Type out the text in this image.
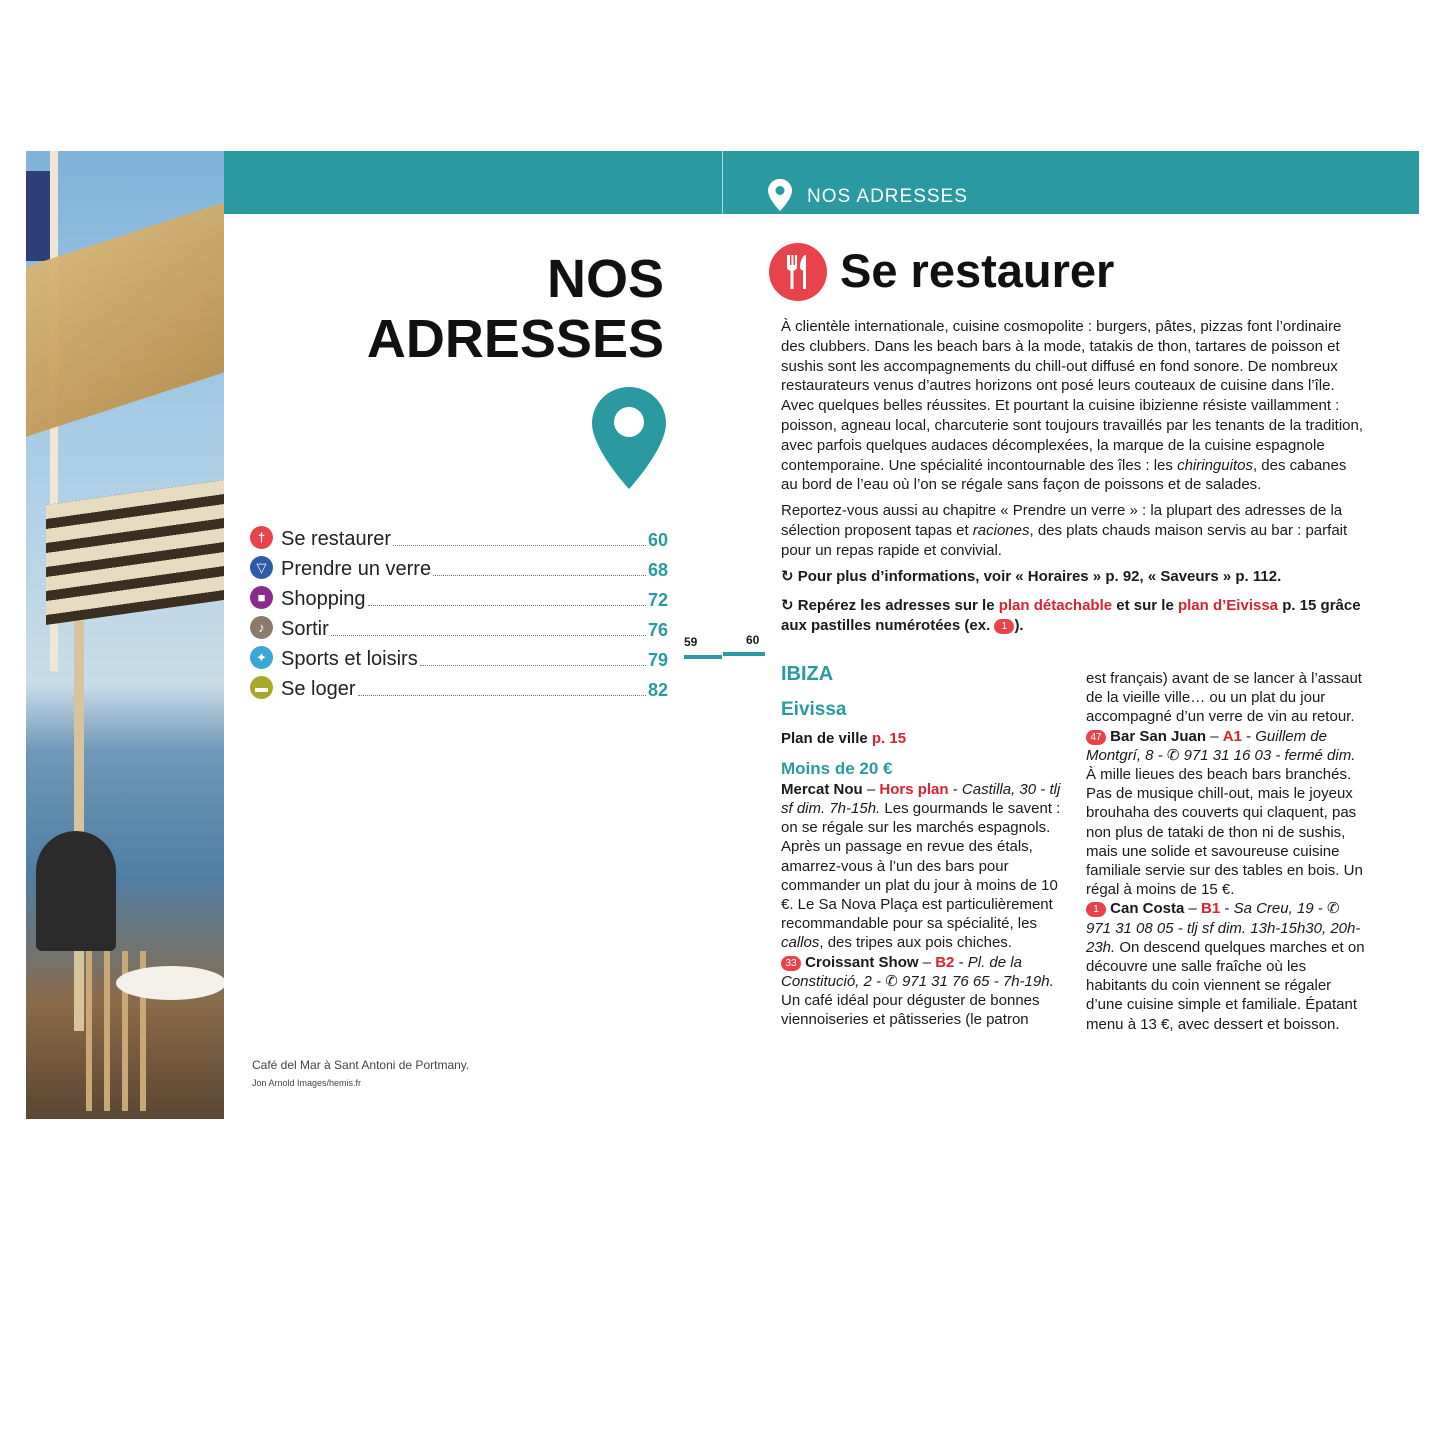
NOS ADRESSES
NOS
ADRESSES
† Se restaurer	60
▽ Prendre un verre	68
■ Shopping	72
♪ Sortir	76
✦ Sports et loisirs	79
▬ Se loger	82
Café del Mar à Sant Antoni de Portmany.
Jon Arnold Images/hemis.fr
59	60
Se restaurer

À clientèle internationale, cuisine cosmopolite : burgers, pâtes, pizzas font l’ordinaire des clubbers. Dans les beach bars à la mode, tatakis de thon, tartares de poisson et sushis sont les accompagnements du chill-out diffusé en fond sonore. De nombreux restaurateurs venus d’autres horizons ont posé leurs couteaux de cuisine dans l’île. Avec quelques belles réussites. Et pourtant la cuisine ibizienne résiste vaillamment : poisson, agneau local, charcuterie sont toujours travaillés par les tenants de la tradition, avec parfois quelques audaces décomplexées, la marque de la cuisine espagnole contemporaine. Une spécialité incontournable des îles : les chiringuitos, des cabanes au bord de l’eau où l’on se régale sans façon de poissons et de salades.

Reportez-vous aussi au chapitre « Prendre un verre » : la plupart des adresses de la sélection proposent tapas et raciones, des plats chauds maison servis au bar : parfait pour un repas rapide et convivial.

↻ Pour plus d’informations, voir « Horaires » p. 92, « Saveurs » p. 112.

↻ Repérez les adresses sur le plan détachable et sur le plan d’Eivissa p. 15 grâce aux pastilles numérotées (ex. 1 ).

IBIZA
Eivissa
Plan de ville p. 15
Moins de 20 €
Mercat Nou – Hors plan - Castilla, 30 - tlj sf dim. 7h-15h. Les gourmands le savent : on se régale sur les marchés espagnols. Après un passage en revue des étals, amarrez-vous à l’un des bars pour commander un plat du jour à moins de 10 €. Le Sa Nova Plaça est particulièrement recommandable pour sa spécialité, les callos, des tripes aux pois chiches.
33 Croissant Show – B2 - Pl. de la Constitució, 2 - ✆ 971 31 76 65 - 7h-19h. Un café idéal pour déguster de bonnes viennoiseries et pâtisseries (le patron
est français) avant de se lancer à l’assaut de la vieille ville… ou un plat du jour accompagné d’un verre de vin au retour.
47 Bar San Juan – A1 - Guillem de Montgrí, 8 - ✆ 971 31 16 03 - fermé dim. À mille lieues des beach bars branchés. Pas de musique chill-out, mais le joyeux brouhaha des couverts qui claquent, pas non plus de tataki de thon ni de sushis, mais une solide et savoureuse cuisine familiale servie sur des tables en bois. Un régal à moins de 15 €.
1 Can Costa – B1 - Sa Creu, 19 - ✆ 971 31 08 05 - tlj sf dim. 13h-15h30, 20h-23h. On descend quelques marches et on découvre une salle fraîche où les habitants du coin viennent se régaler d’une cuisine simple et familiale. Épatant menu à 13 €, avec dessert et boisson.
